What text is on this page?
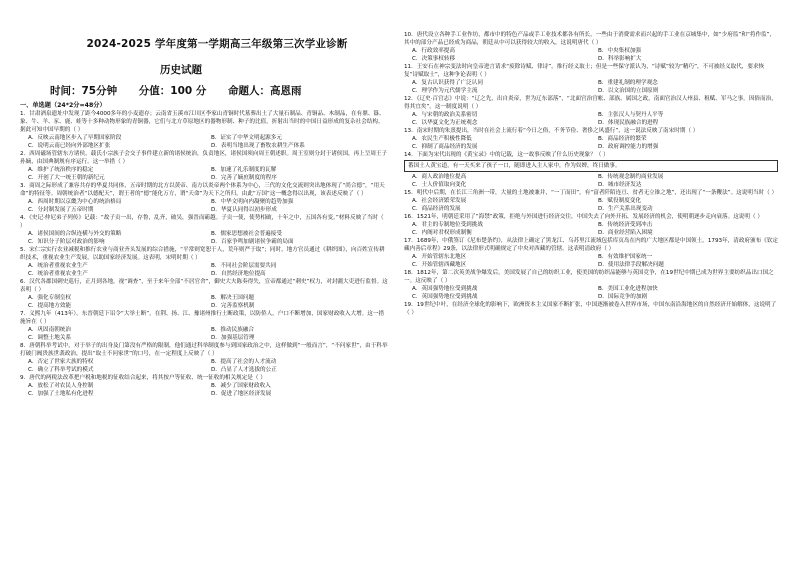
2024-2025 学年度第一学期高三年级第三次学业诊断
历史试题
时间：75分钟 分值：100 分 命题人：高恩雨
一、单选题（24*2分=48分）
1．甘肃酒泉遗址中发现了距今4000多年的小麦遗存；云南省玉溪市江川区李家山青铜时代墓葬出土了大量石制品、青铜品、木制品，在有鼎、簋、象、牛、羊、豕、鹿、蛙等十多种动物形象的青铜器，它们与北方草原地区的器物形制、种子的比值，折射出当时的中国日益形成的复杂社会结构。据此可知中国早期的（ ）
A．反映云南地区步入了早期国家阶段	B．证实了中华文明起源多元
C．说明云南已经向外部地区扩张	D．表明当地出现了畜牧农耕生产体系
2．西周磁场管辖东方诸侯，载氏小宗族子会交子事件建立新的诸侯统治，负责地区，诸侯国须向周王朝述职。周王室则分封于诸侯国，再上呈周王子孙嫡，由国典制规有序运行。这一举措（ ）
A．维护了统治秩序的稳定	B．加速了礼乐制度的瓦解
C．开创了大一统王朝的新纪元	D．完善了嫡庶制度的程序
3．商周之际形成了兼容共存的华夏共同体，五帝时期的北方以黄帝、南方以炎帝两个体系为中心，三代的文化交流则突出地体现了“尚合德”，“用天命”的特征等。周朝统治者“以德配天”，谓王者的“德”能化万方，谓“天命”为天下之所归，由此“万国”这一概念得以出现，该表述反映了（ ）
A．西周时期以京畿为中心的统治格局	B．中华文明向内凝聚的趋势加强
C．分封制发展了五帝时期	D．华夏认同得以初步形成
4．《史记·仲尼弟子列传》记载：“故子贡一出，存鲁，乱齐，破吴，强晋而霸越。子贡一使，使势相破，十年之中，五国各有变。”材料反映了当时（ ）
A．诸侯国间的合纵连横与外交的策略	B．儒家思想被社会普遍接受
C．知识分子阶层对政治的影响	D．百家争鸣加剧诸侯争霸的局面
5．宋仁宗实行农业减税和推行农业与商业齐头发展的综合措施，“平常则宽恕于人，荒年则严于取”；同时，地方官员通过《耕织图》，向百姓宣传耕织技术，重视农业生产发展，以助国家经济发展。这表明，宋明时期（ ）
A．统治者重视农业生产	B．不同社会阶层需要共同
C．统治者重视农业生产	D．自然经济地位提高
6．汉代各郡国刺史巡行，正月到各地，视“调查”，至于来年全部“不居官舍”，御史大夫陈奏得失，宣帝都通过“刺史”权力，对封疆大吏进行监督。这表明（ ）
A．强化专制皇权	B．解决王国问题
C．提高地方效能	D．完善监察机制
7．义熙九年（413年），东晋朝廷下诏令“大举土断”，在荆、扬、江、豫诸州推行土断政策，以防侨人，户口不断增加，国家财政收入大增。这一措施旨在（ ）
A．巩固南朝统治	B．推动民族融合
C．调整土地关系	D．加强基层管理
8．唐朝科举考试中，对于举子的出身及门第没有严格的限制，他们通过科举制度参与到国家政治之中，这样做到“一般而言”，“不问家世”，由于科举打破门阀贵族世袭政治，提出“取士不问家世”的口号，在一定程度上反映了（ ）
A．否定了世家大族的特权	B．提高了社会的人才流动
C．确立了科举考试的模式	D．凸显了人才选拔的公正
9．唐代的两税法改革把户税和地税的征收结合起来，将其按户等征收、统一征收的相关规定是（ ）
A．放松了对农民人身控制	B．减少了国家财政收入
C．加强了土地私有化进程	D．促进了地区经济发展
10．唐代设立各种手工业作坊，都市中的特色产品或手工业技术都各有所长，一些由于消费需求而兴起的手工业在京城集中，如“少府监”和“将作监”，其中的部分产品已经成为商品，朝廷从中可以获得较大的收入，这说明唐代（ ）
A．行政效率提高	B．中央集权加强
C．决策事权转移	D．科举影响扩大
11．王安石在神宗变法时向皇帝进言请求“废除诗赋、律诗”，推行经义取士；但是一些保守派认为，“诗赋”较为“精巧”，不可被经义取代，要求恢复“诗赋取士”，这种争论表明（ ）
A．复古认识获得了广泛认同	B．重建礼制的理学观念
C．理学作为元代儒学主流	D．以文治国的立国原则
12．《辽史·百官志》中说：“辽之先，出自炎帝，世为辽东部落”，“北面官治宫帐、部族、属国之政，南面官治汉人州县、租赋、军马之事。因俗而治，得其宜矣”。这一制度说明（ ）
A．与宋朝的政治关系密切	B．主张汉人与契丹人平等
C．以华夏文化为正统观念	D．体现民族融合的进程
13．南宋时期的朱熹提出，当时在社会上流行着“今日之俗，不务节俭、奢侈之风盛行”，这一说法反映了南宋时期（ ）
A．农民生产积极性降低	B．商品经济的繁荣
C．抑制了商品经济的发展	D．政府调控能力的增强
14．下面为宋代出现的《黄宝录》中的记载，这一故事反映了什么历史现象？（ ）
番国土人黄宝道，有一天买来了孩子一口，随即进入主人家中，作为奴婢，终日做事。
A．商人政治地位提高	B．传统观念制约商业发展
C．士人价值取向变化	D．城市经济发达
15．明代中后期，在长江三角洲一带，大量的土地被兼并，“一丁而田”，有“富者阡陌连亘、贫者无立锥之地”，还出现了“一条鞭法”。这说明当时（ ）
A．社会经济繁荣发展	B．赋役制度变化
C．商品经济的发展	D．生产关系出现变动
16．1521年，明朝廷采用了“海禁”政策，拒绝与外国进行经济交往，中国失去了向外开拓、发展经济的机会，使明朝逐步走向衰落。这说明（ ）
A．君主的专制地位受到挑战	B．传统经济受到冲击
C．内阁对君权形成制衡	D．商业经营陷入困境
17．1689年，中俄签订《尼布楚条约》，从法律上确定了黑龙江、乌苏里江流域包括库页岛在内的广大地区都是中国领土。1793年，清政府颁布《钦定藏内善后章程》29条，以法律形式明确规定了中央对西藏的管辖。这表明清政府（ ）
A．开始管辖东北地区	B．有效维护国家统一
C．开始管辖西藏地区	D．使用法律手段解决问题
18．1812年，第二次英美战争爆发后，美国发展了自己的纺织工业，使美国的纺织品能够与英国竞争，在19世纪中期已成为世界主要纺织品出口国之一。这反映了（ ）
A．英国强势地位受到挑战	B．美国工业化进程加快
C．英国强势地位受到挑战	D．国际竞争的加剧
19．19世纪中叶，在经济全球化的影响下，欧洲资本主义国家不断扩张，中国逐渐被卷入世界市场，中国东南沿海地区的自然经济开始解体，这说明了（ ）
